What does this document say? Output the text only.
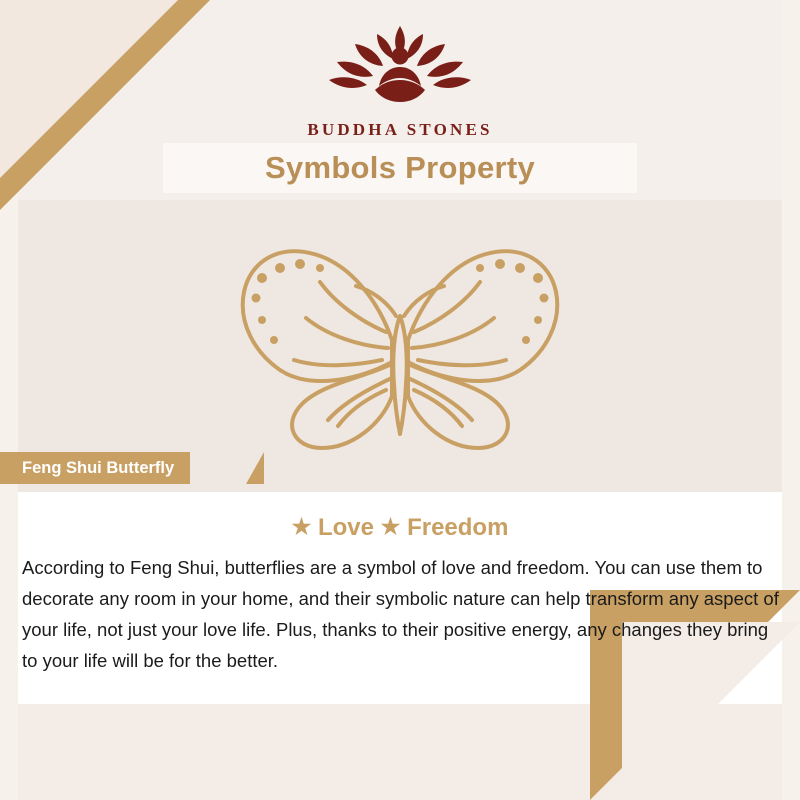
BUDDHA STONES
Symbols Property
Feng Shui Butterfly
★ Love ★ Freedom
According to Feng Shui, butterflies are a symbol of love and freedom. You can use them to decorate any room in your home, and their symbolic nature can help transform any aspect of your life, not just your love life. Plus, thanks to their positive energy, any changes they bring to your life will be for the better.
